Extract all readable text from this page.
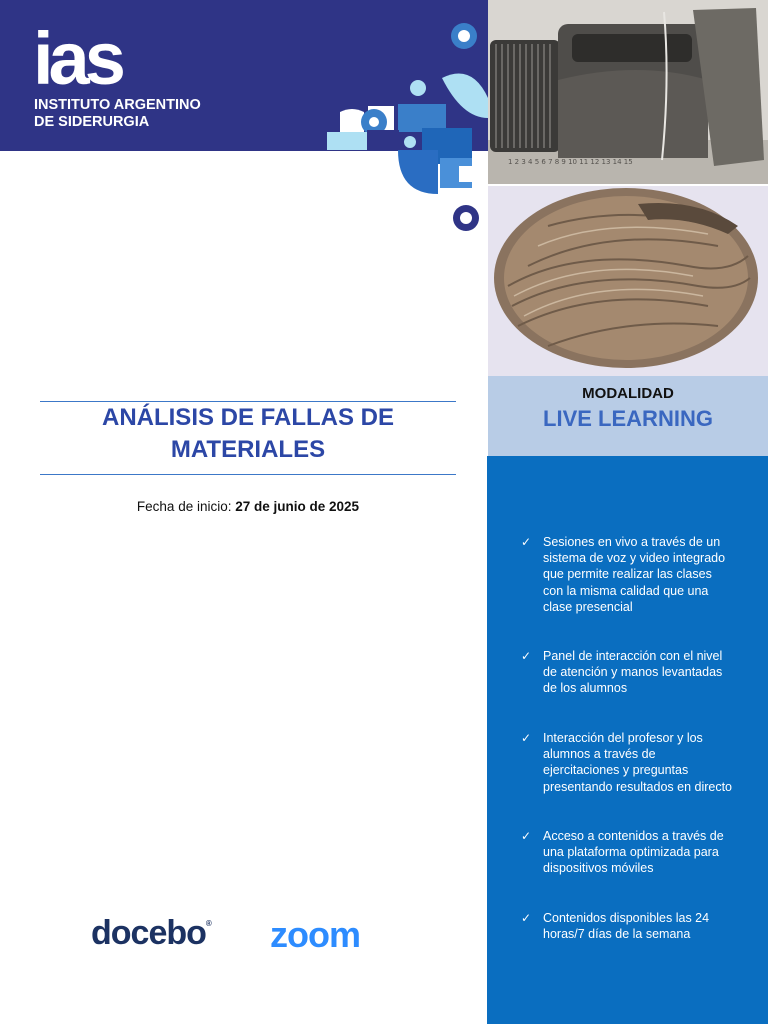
ias
INSTITUTO ARGENTINO
DE SIDERURGIA
1 2 3 4 5 6 7 8 9 10 11 12 13 14 15
MODALIDAD
LIVE LEARNING
✓ Sesiones en vivo a través de un
sistema de voz y video integrado
que permite realizar las clases
con la misma calidad que una
clase presencial
✓ Panel de interacción con el nivel
de atención y manos levantadas
de los alumnos
✓ Interacción del profesor y los
alumnos a través de
ejercitaciones y preguntas
presentando resultados en directo
✓ Acceso a contenidos a través de
una plataforma optimizada para
dispositivos móviles
✓ Contenidos disponibles las 24
horas/7 días de la semana
ANÁLISIS DE FALLAS DE
MATERIALES
Fecha de inicio: 27 de junio de 2025
docebo® zoom
